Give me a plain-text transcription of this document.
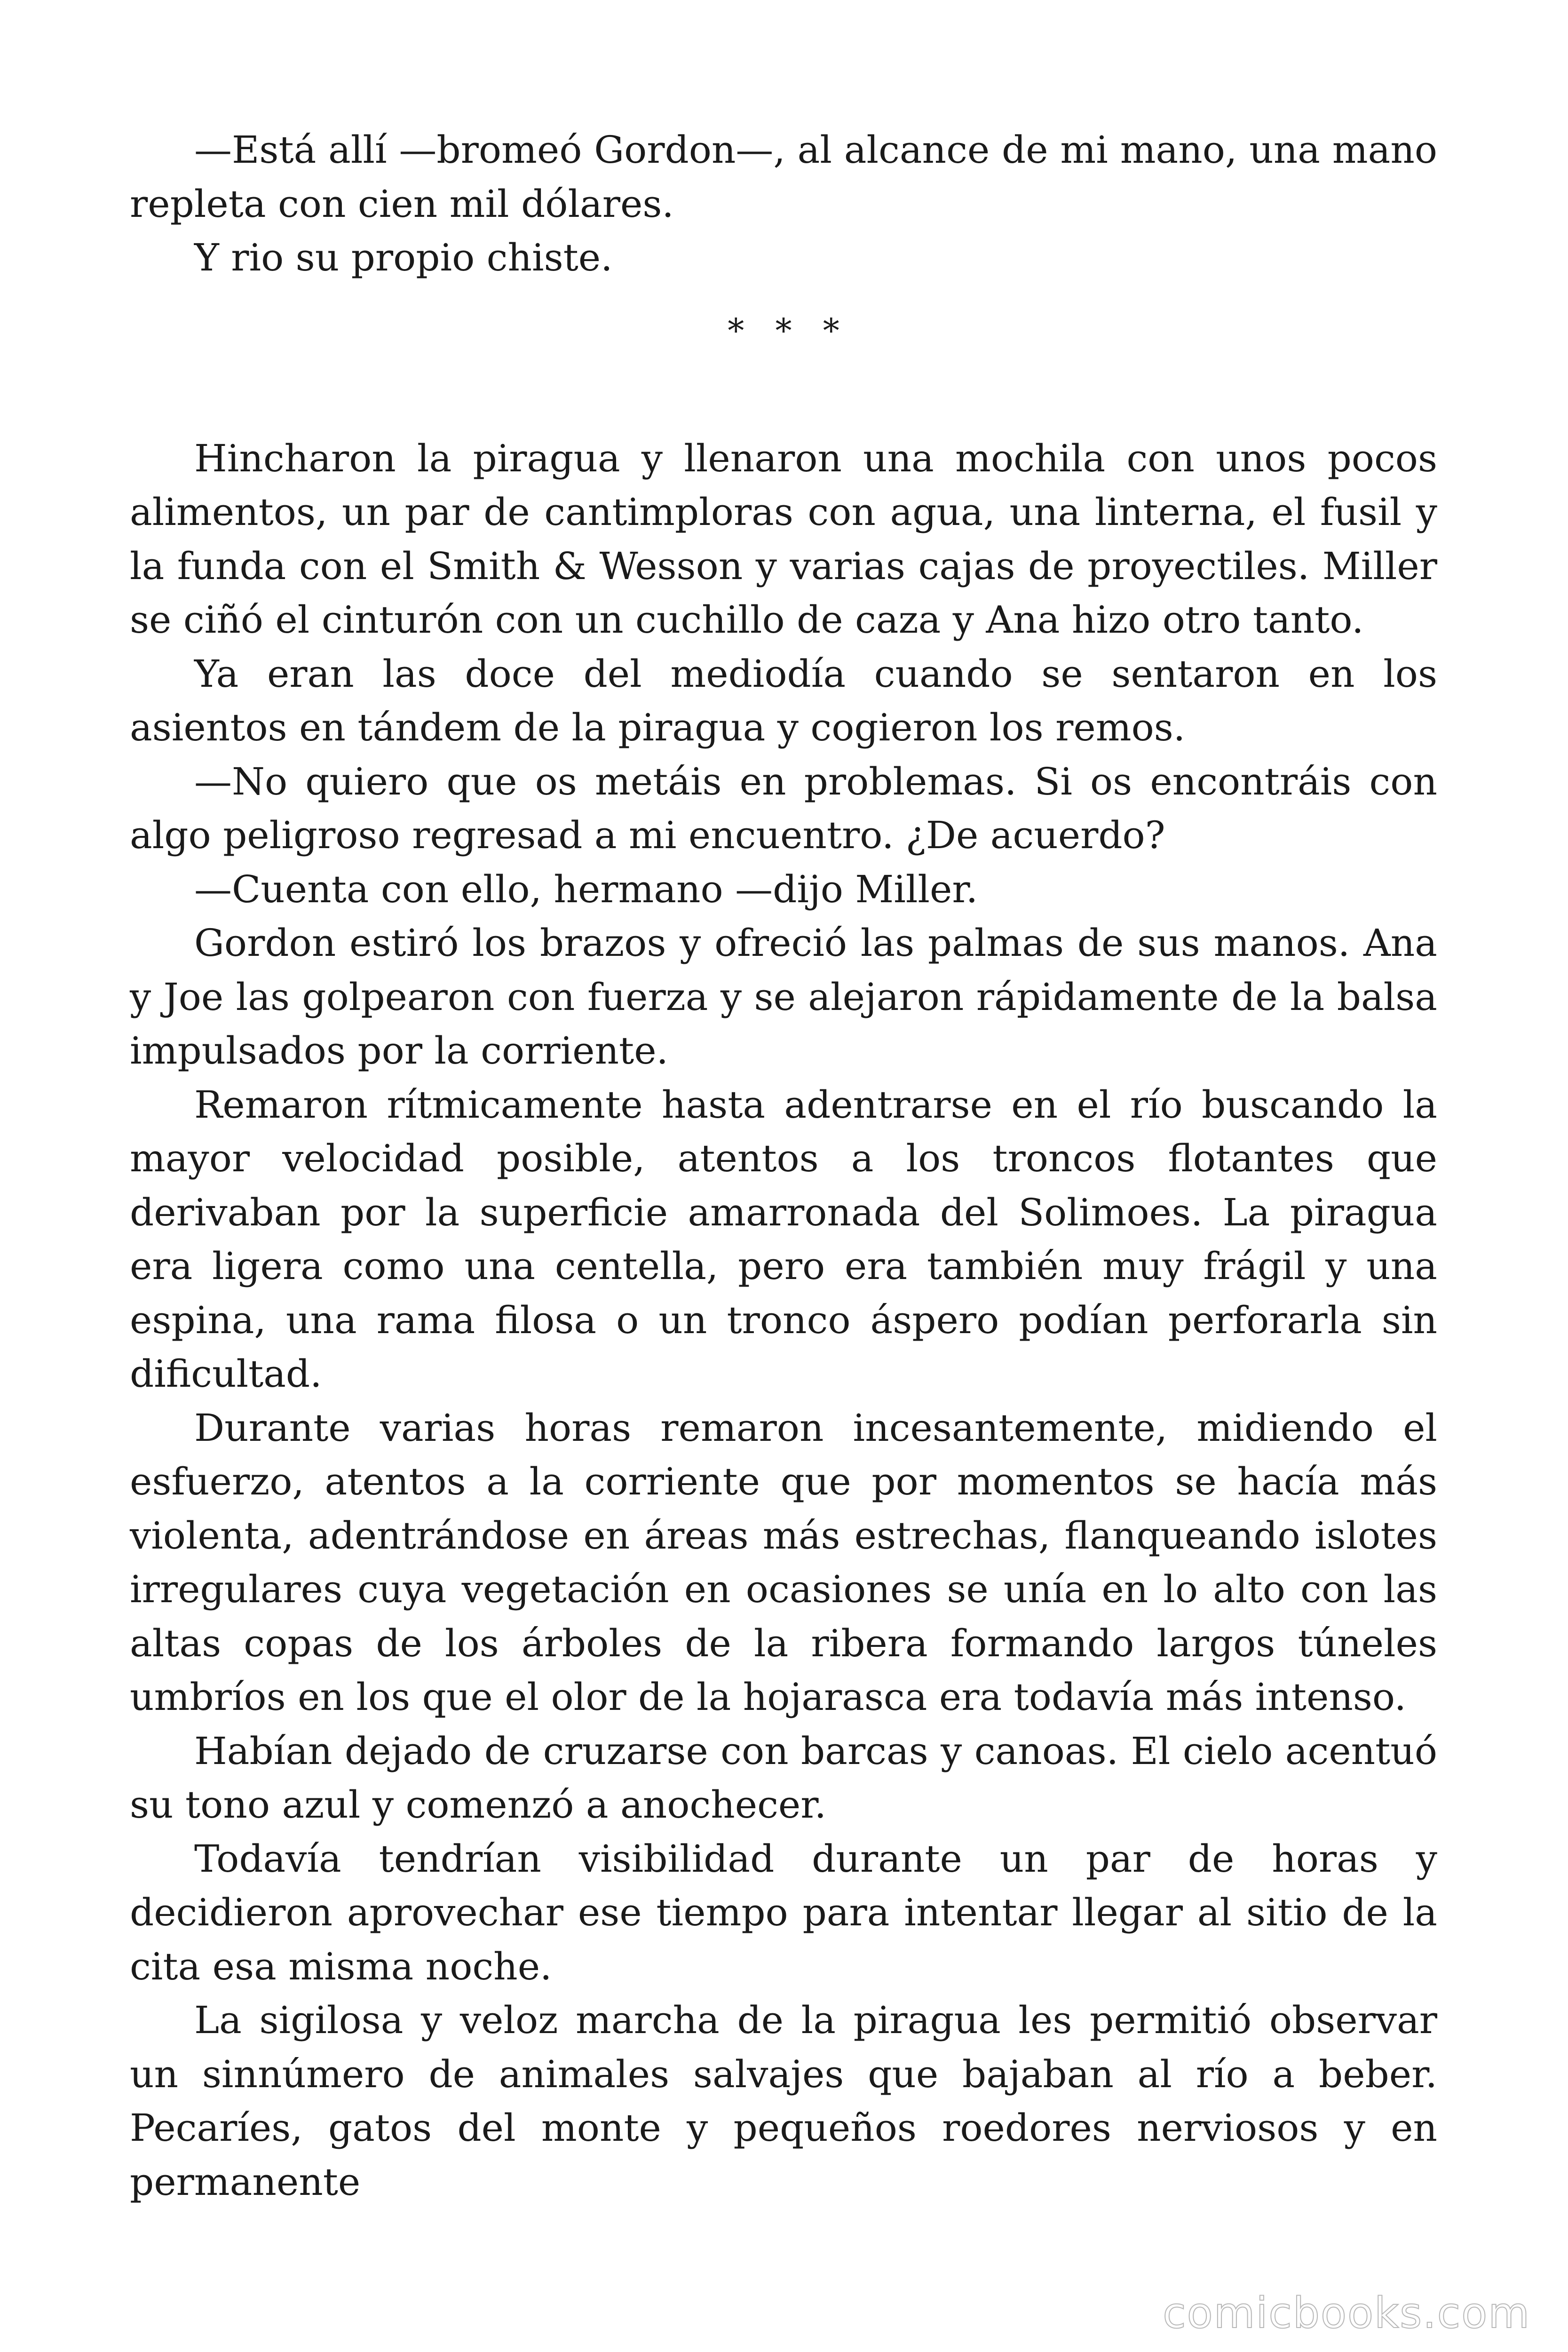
—Está allí —bromeó Gordon—, al alcance de mi mano, una mano repleta con cien mil dólares.

Y rio su propio chiste.

* * *

Hincharon la piragua y llenaron una mochila con unos pocos alimentos, un par de cantimploras con agua, una linterna, el fusil y la funda con el Smith & Wesson y varias cajas de proyectiles. Miller se ciñó el cinturón con un cuchillo de caza y Ana hizo otro tanto.

Ya eran las doce del mediodía cuando se sentaron en los asientos en tándem de la piragua y cogieron los remos.

—No quiero que os metáis en problemas. Si os encontráis con algo peligroso regresad a mi encuentro. ¿De acuerdo?

—Cuenta con ello, hermano —dijo Miller.

Gordon estiró los brazos y ofreció las palmas de sus manos. Ana y Joe las golpearon con fuerza y se alejaron rápidamente de la balsa impulsados por la corriente.

Remaron rítmicamente hasta adentrarse en el río buscando la mayor velocidad posible, atentos a los troncos flotantes que derivaban por la superficie amarronada del Solimoes. La piragua era ligera como una centella, pero era también muy frágil y una espina, una rama filosa o un tronco áspero podían perforarla sin dificultad.

Durante varias horas remaron incesantemente, midiendo el esfuerzo, atentos a la corriente que por momentos se hacía más violenta, adentrándose en áreas más estrechas, flanqueando islotes irregulares cuya vegetación en ocasiones se unía en lo alto con las altas copas de los árboles de la ribera formando largos túneles umbríos en los que el olor de la hojarasca era todavía más intenso.

Habían dejado de cruzarse con barcas y canoas. El cielo acentuó su tono azul y comenzó a anochecer.

Todavía tendrían visibilidad durante un par de horas y decidieron aprovechar ese tiempo para intentar llegar al sitio de la cita esa misma noche.

La sigilosa y veloz marcha de la piragua les permitió observar un sinnúmero de animales salvajes que bajaban al río a beber. Pecaríes, gatos del monte y pequeños roedores nerviosos y en permanente

comicbooks.com
